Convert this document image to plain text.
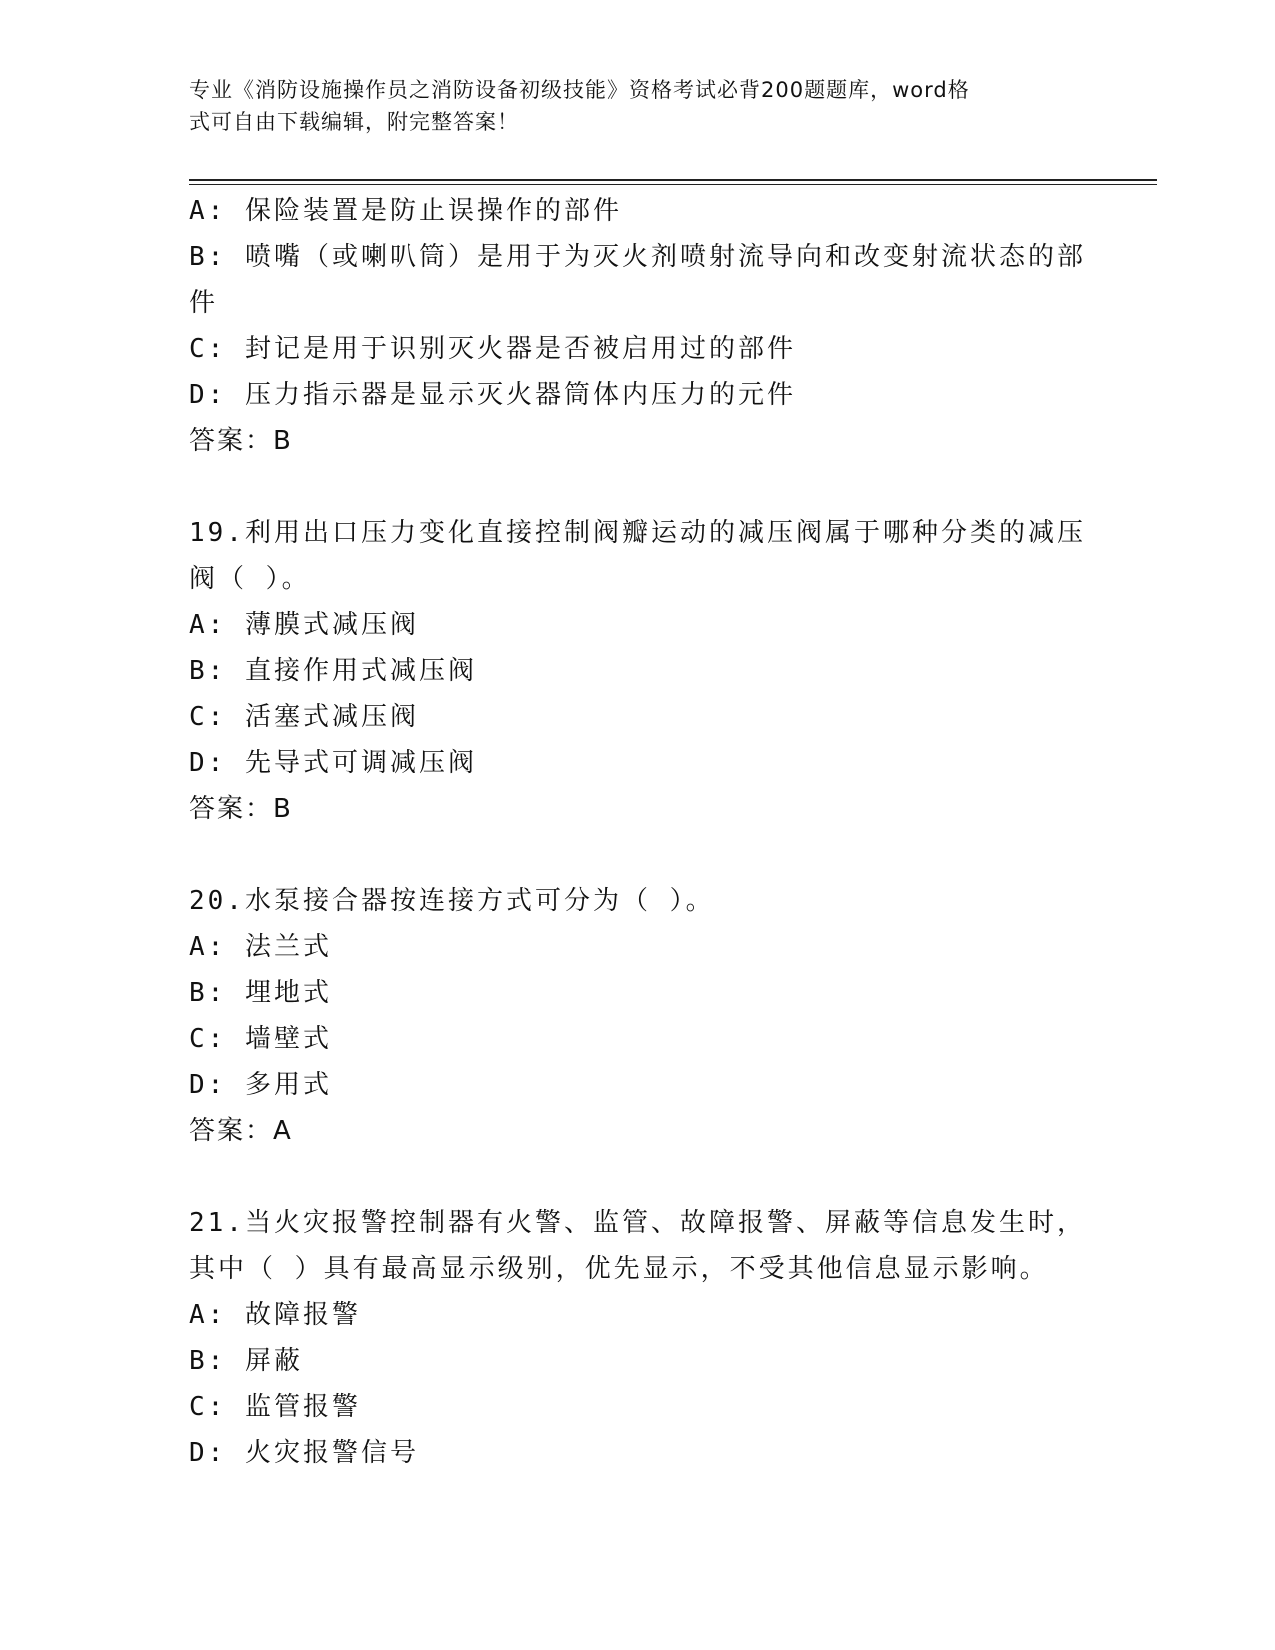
专业《消防设施操作员之消防设备初级技能》资格考试必背200题题库，word格
式可自由下载编辑，附完整答案！
A: 保险装置是防止误操作的部件
B: 喷嘴（或喇叭筒）是用于为灭火剂喷射流导向和改变射流状态的部
件
C: 封记是用于识别灭火器是否被启用过的部件
D: 压力指示器是显示灭火器筒体内压力的元件
答案：B
19.利用出口压力变化直接控制阀瓣运动的减压阀属于哪种分类的减压
阀（ ）。
A: 薄膜式减压阀
B: 直接作用式减压阀
C: 活塞式减压阀
D: 先导式可调减压阀
答案：B
20.水泵接合器按连接方式可分为（ ）。
A: 法兰式
B: 埋地式
C: 墙壁式
D: 多用式
答案：A
21.当火灾报警控制器有火警、监管、故障报警、屏蔽等信息发生时，
其中（ ）具有最高显示级别，优先显示，不受其他信息显示影响。
A: 故障报警
B: 屏蔽
C: 监管报警
D: 火灾报警信号
